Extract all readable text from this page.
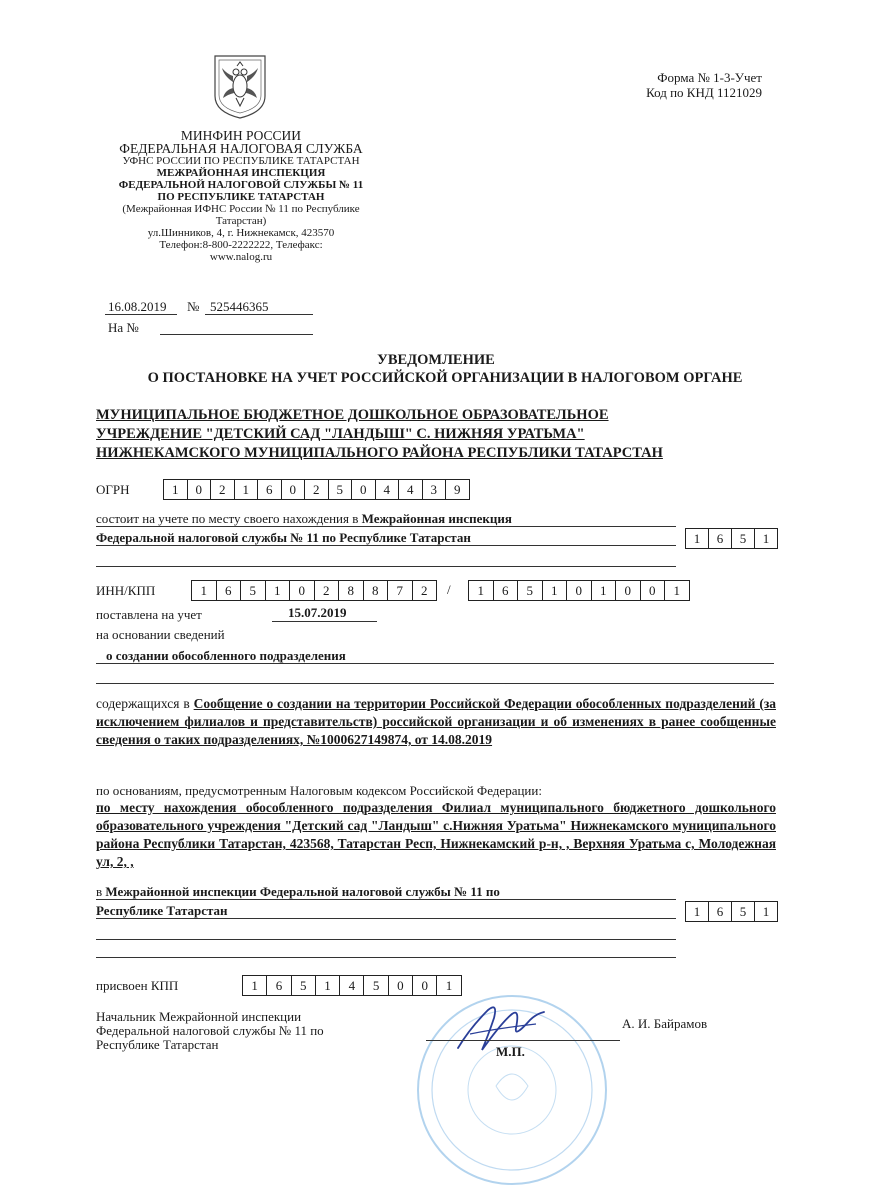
Форма № 1-3-Учет
Код по КНД 1121029
МИНФИН РОССИИ
ФЕДЕРАЛЬНАЯ НАЛОГОВАЯ СЛУЖБА
УФНС РОССИИ ПО РЕСПУБЛИКЕ ТАТАРСТАН
МЕЖРАЙОННАЯ ИНСПЕКЦИЯ
ФЕДЕРАЛЬНОЙ НАЛОГОВОЙ СЛУЖБЫ № 11
ПО РЕСПУБЛИКЕ ТАТАРСТАН
(Межрайонная ИФНС России № 11 по Республике
Татарстан)
ул.Шинников, 4, г. Нижнекамск, 423570
Телефон:8-800-2222222, Телефакс:
www.nalog.ru
16.08.2019 № 525446365
На №
УВЕДОМЛЕНИЕ
О ПОСТАНОВКЕ НА УЧЕТ РОССИЙСКОЙ ОРГАНИЗАЦИИ В НАЛОГОВОМ ОРГАНЕ
МУНИЦИПАЛЬНОЕ БЮДЖЕТНОЕ ДОШКОЛЬНОЕ ОБРАЗОВАТЕЛЬНОЕ
УЧРЕЖДЕНИЕ "ДЕТСКИЙ САД "ЛАНДЫШ" С. НИЖНЯЯ УРАТЬМА"
НИЖНЕКАМСКОГО МУНИЦИПАЛЬНОГО РАЙОНА РЕСПУБЛИКИ ТАТАРСТАН
ОГРН	1	0	2	1	6	0	2	5	0	4	4	3	9
состоит на учете по месту своего нахождения в Межрайонная инспекция
Федеральной налоговой службы № 11 по Республике Татарстан	1	6	5	1
ИНН/КПП	1	6	5	1	0	2	8	8	7	2	/	1	6	5	1	0	1	0	0	1
поставлена на учет	15.07.2019
на основании сведений
о создании обособленного подразделения
содержащихся в Сообщение о создании на территории Российской Федерации обособленных подразделений (за исключением филиалов и представительств) российской организации и об изменениях в ранее сообщенные сведения о таких подразделениях, №1000627149874, от 14.08.2019
по основаниям, предусмотренным Налоговым кодексом Российской Федерации:
по месту нахождения обособленного подразделения Филиал муниципального бюджетного дошкольного образовательного учреждения "Детский сад "Ландыш" с.Нижняя Уратьма" Нижнекамского муниципального района Республики Татарстан, 423568, Татарстан Респ, Нижнекамский р-н, , Верхняя Уратьма с, Молодежная ул, 2, ,
в Межрайонной инспекции Федеральной налоговой службы № 11 по
Республике Татарстан	1	6	5	1
присвоен КПП	1	6	5	1	4	5	0	0	1
Начальник Межрайонной инспекции
Федеральной налоговой службы № 11 по
Республике Татарстан	М.П.
А. И. Байрамов
